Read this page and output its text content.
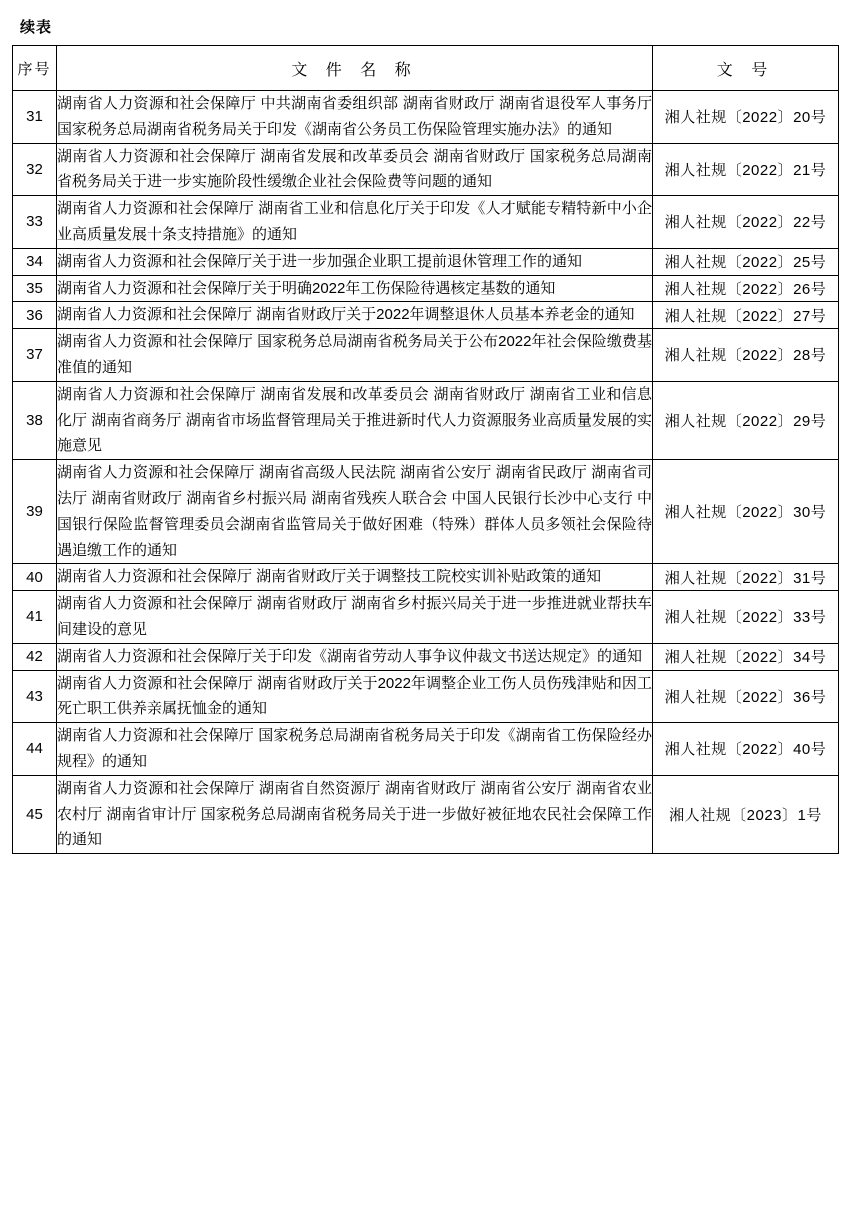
续表
序号	文 件 名 称	文 号
31	湖南省人力资源和社会保障厅 中共湖南省委组织部 湖南省财政厅 湖南省退役军人事务厅 国家税务总局湖南省税务局关于印发《湖南省公务员工伤保险管理实施办法》的通知	湘人社规〔2022〕20号
32	湖南省人力资源和社会保障厅 湖南省发展和改革委员会 湖南省财政厅 国家税务总局湖南省税务局关于进一步实施阶段性缓缴企业社会保险费等问题的通知	湘人社规〔2022〕21号
33	湖南省人力资源和社会保障厅 湖南省工业和信息化厅关于印发《人才赋能专精特新中小企业高质量发展十条支持措施》的通知	湘人社规〔2022〕22号
34	湖南省人力资源和社会保障厅关于进一步加强企业职工提前退休管理工作的通知	湘人社规〔2022〕25号
35	湖南省人力资源和社会保障厅关于明确2022年工伤保险待遇核定基数的通知	湘人社规〔2022〕26号
36	湖南省人力资源和社会保障厅 湖南省财政厅关于2022年调整退休人员基本养老金的通知	湘人社规〔2022〕27号
37	湖南省人力资源和社会保障厅 国家税务总局湖南省税务局关于公布2022年社会保险缴费基准值的通知	湘人社规〔2022〕28号
38	湖南省人力资源和社会保障厅 湖南省发展和改革委员会 湖南省财政厅 湖南省工业和信息化厅 湖南省商务厅 湖南省市场监督管理局关于推进新时代人力资源服务业高质量发展的实施意见	湘人社规〔2022〕29号
39	湖南省人力资源和社会保障厅 湖南省高级人民法院 湖南省公安厅 湖南省民政厅 湖南省司法厅 湖南省财政厅 湖南省乡村振兴局 湖南省残疾人联合会 中国人民银行长沙中心支行 中国银行保险监督管理委员会湖南省监管局关于做好困难（特殊）群体人员多领社会保险待遇追缴工作的通知	湘人社规〔2022〕30号
40	湖南省人力资源和社会保障厅 湖南省财政厅关于调整技工院校实训补贴政策的通知	湘人社规〔2022〕31号
41	湖南省人力资源和社会保障厅 湖南省财政厅 湖南省乡村振兴局关于进一步推进就业帮扶车间建设的意见	湘人社规〔2022〕33号
42	湖南省人力资源和社会保障厅关于印发《湖南省劳动人事争议仲裁文书送达规定》的通知	湘人社规〔2022〕34号
43	湖南省人力资源和社会保障厅 湖南省财政厅关于2022年调整企业工伤人员伤残津贴和因工死亡职工供养亲属抚恤金的通知	湘人社规〔2022〕36号
44	湖南省人力资源和社会保障厅 国家税务总局湖南省税务局关于印发《湖南省工伤保险经办规程》的通知	湘人社规〔2022〕40号
45	湖南省人力资源和社会保障厅 湖南省自然资源厅 湖南省财政厅 湖南省公安厅 湖南省农业农村厅 湖南省审计厅 国家税务总局湖南省税务局关于进一步做好被征地农民社会保障工作的通知	湘人社规〔2023〕1号
